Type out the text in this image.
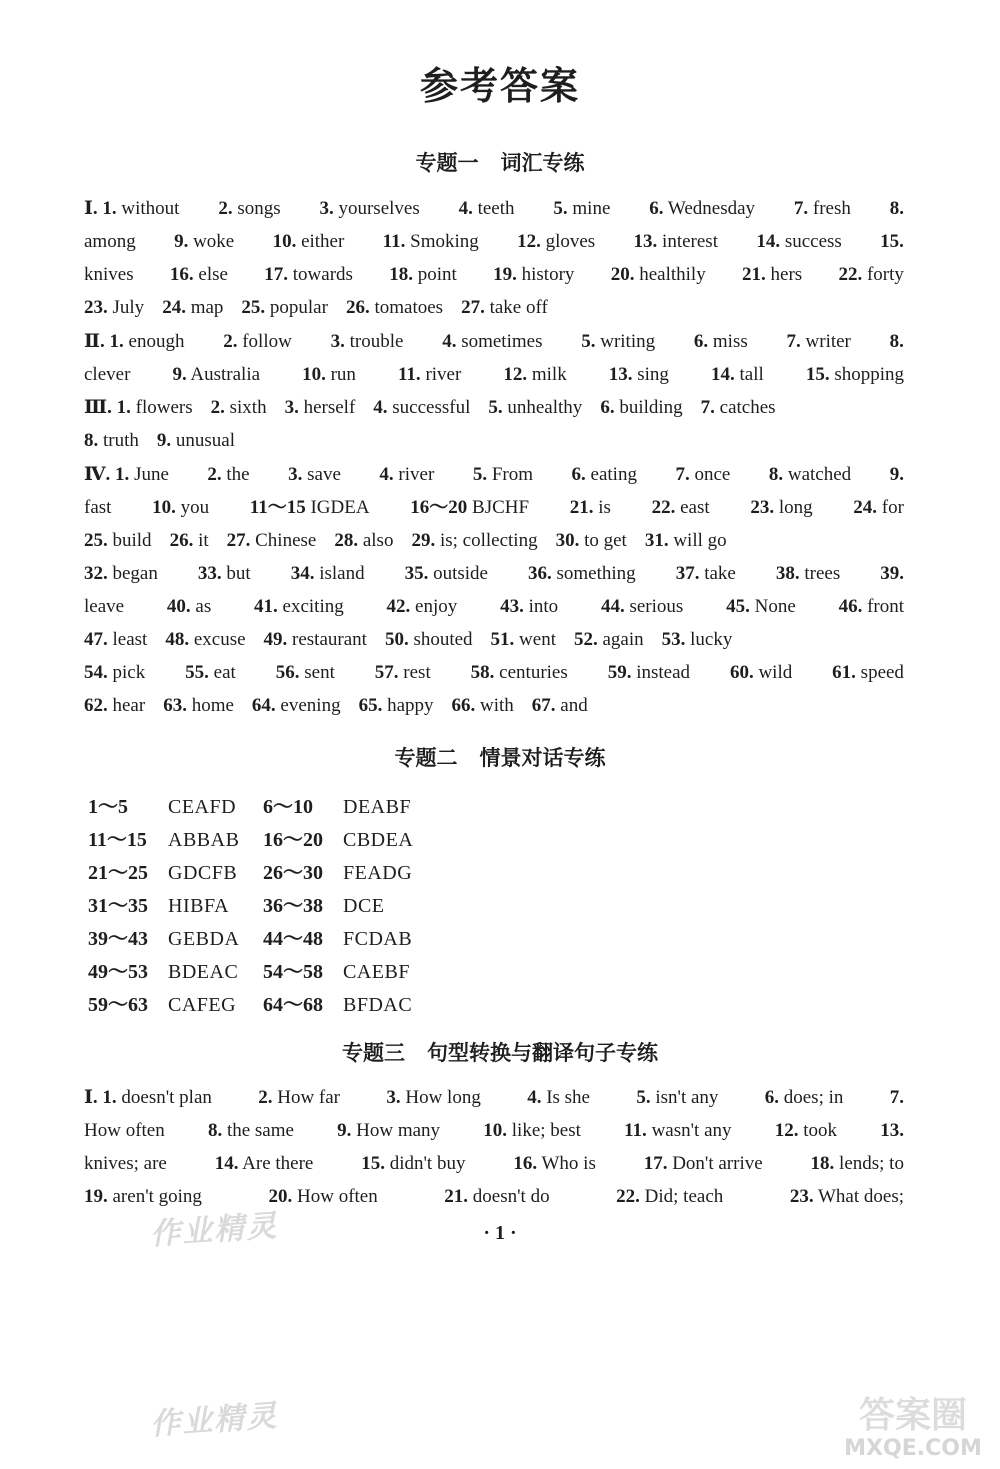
参考答案
专题一   词汇专练
Ⅰ. 1. without 2. songs 3. yourselves 4. teeth 5. mine 6. Wednesday 7. fresh 8.
among 9. woke 10. either 11. Smoking 12. gloves 13. interest 14. success 15.
knives 16. else 17. towards 18. point 19. history 20. healthily 21. hers 22. forty
23. July 24. map 25. popular 26. tomatoes 27. take off
Ⅱ. 1. enough 2. follow 3. trouble 4. sometimes 5. writing 6. miss 7. writer 8.
clever 9. Australia 10. run 11. river 12. milk 13. sing 14. tall 15. shopping
Ⅲ. 1. flowers 2. sixth 3. herself 4. successful 5. unhealthy 6. building 7. catches
8. truth 9. unusual
Ⅳ. 1. June 2. the 3. save 4. river 5. From 6. eating 7. once 8. watched 9.
fast 10. you 11～15 IGDEA 16～20 BJCHF 21. is 22. east 23. long 24. for
25. build 26. it 27. Chinese 28. also 29. is; collecting 30. to get 31. will go
32. began 33. but 34. island 35. outside 36. something 37. take 38. trees 39.
leave 40. as 41. exciting 42. enjoy 43. into 44. serious 45. None 46. front
47. least 48. excuse 49. restaurant 50. shouted 51. went 52. again 53. lucky
54. pick 55. eat 56. sent 57. rest 58. centuries 59. instead 60. wild 61. speed
62. hear 63. home 64. evening 65. happy 66. with 67. and
专题二   情景对话专练
1～5 CEAFD 6～10 DEABF
11～15 ABBAB 16～20 CBDEA
21～25 GDCFB 26～30 FEADG
31～35 HIBFA 36～38 DCE
39～43 GEBDA 44～48 FCDAB
49～53 BDEAC 54～58 CAEBF
59～63 CAFEG 64～68 BFDAC
专题三   句型转换与翻译句子专练
Ⅰ. 1. doesn't plan 2. How far 3. How long 4. Is she 5. isn't any 6. does; in 7.
How often 8. the same 9. How many 10. like; best 11. wasn't any 12. took 13.
knives; are	14. Are there	15. didn't buy	16. Who is	17. Don't arrive	18. lends; to
19. aren't going	20. How often	21. doesn't do	22. Did; teach	23. What does;
· 1 ·
作业精灵
作业精灵	答案圈
MXQE.COM
